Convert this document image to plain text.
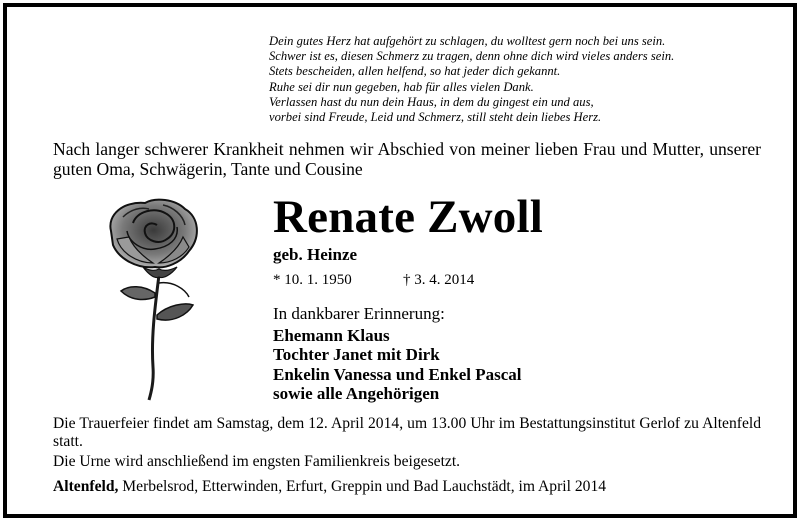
Dein gutes Herz hat aufgehört zu schlagen, du wolltest gern noch bei uns sein.
Schwer ist es, diesen Schmerz zu tragen, denn ohne dich wird vieles anders sein.
Stets bescheiden, allen helfend, so hat jeder dich gekannt.
Ruhe sei dir nun gegeben, hab für alles vielen Dank.
Verlassen hast du nun dein Haus, in dem du gingest ein und aus,
vorbei sind Freude, Leid und Schmerz, still steht dein liebes Herz.
Nach langer schwerer Krankheit nehmen wir Abschied von meiner lieben Frau und Mutter, unserer guten Oma, Schwägerin, Tante und Cousine
Renate Zwoll
geb. Heinze
* 10. 1. 1950	† 3. 4. 2014
In dankbarer Erinnerung:
Ehemann Klaus
Tochter Janet mit Dirk
Enkelin Vanessa und Enkel Pascal
sowie alle Angehörigen
Die Trauerfeier findet am Samstag, dem 12. April 2014, um 13.00 Uhr im Bestattungsinstitut Gerlof zu Altenfeld statt.
Die Urne wird anschließend im engsten Familienkreis beigesetzt.
Altenfeld, Merbelsrod, Etterwinden, Erfurt, Greppin und Bad Lauchstädt, im April 2014
